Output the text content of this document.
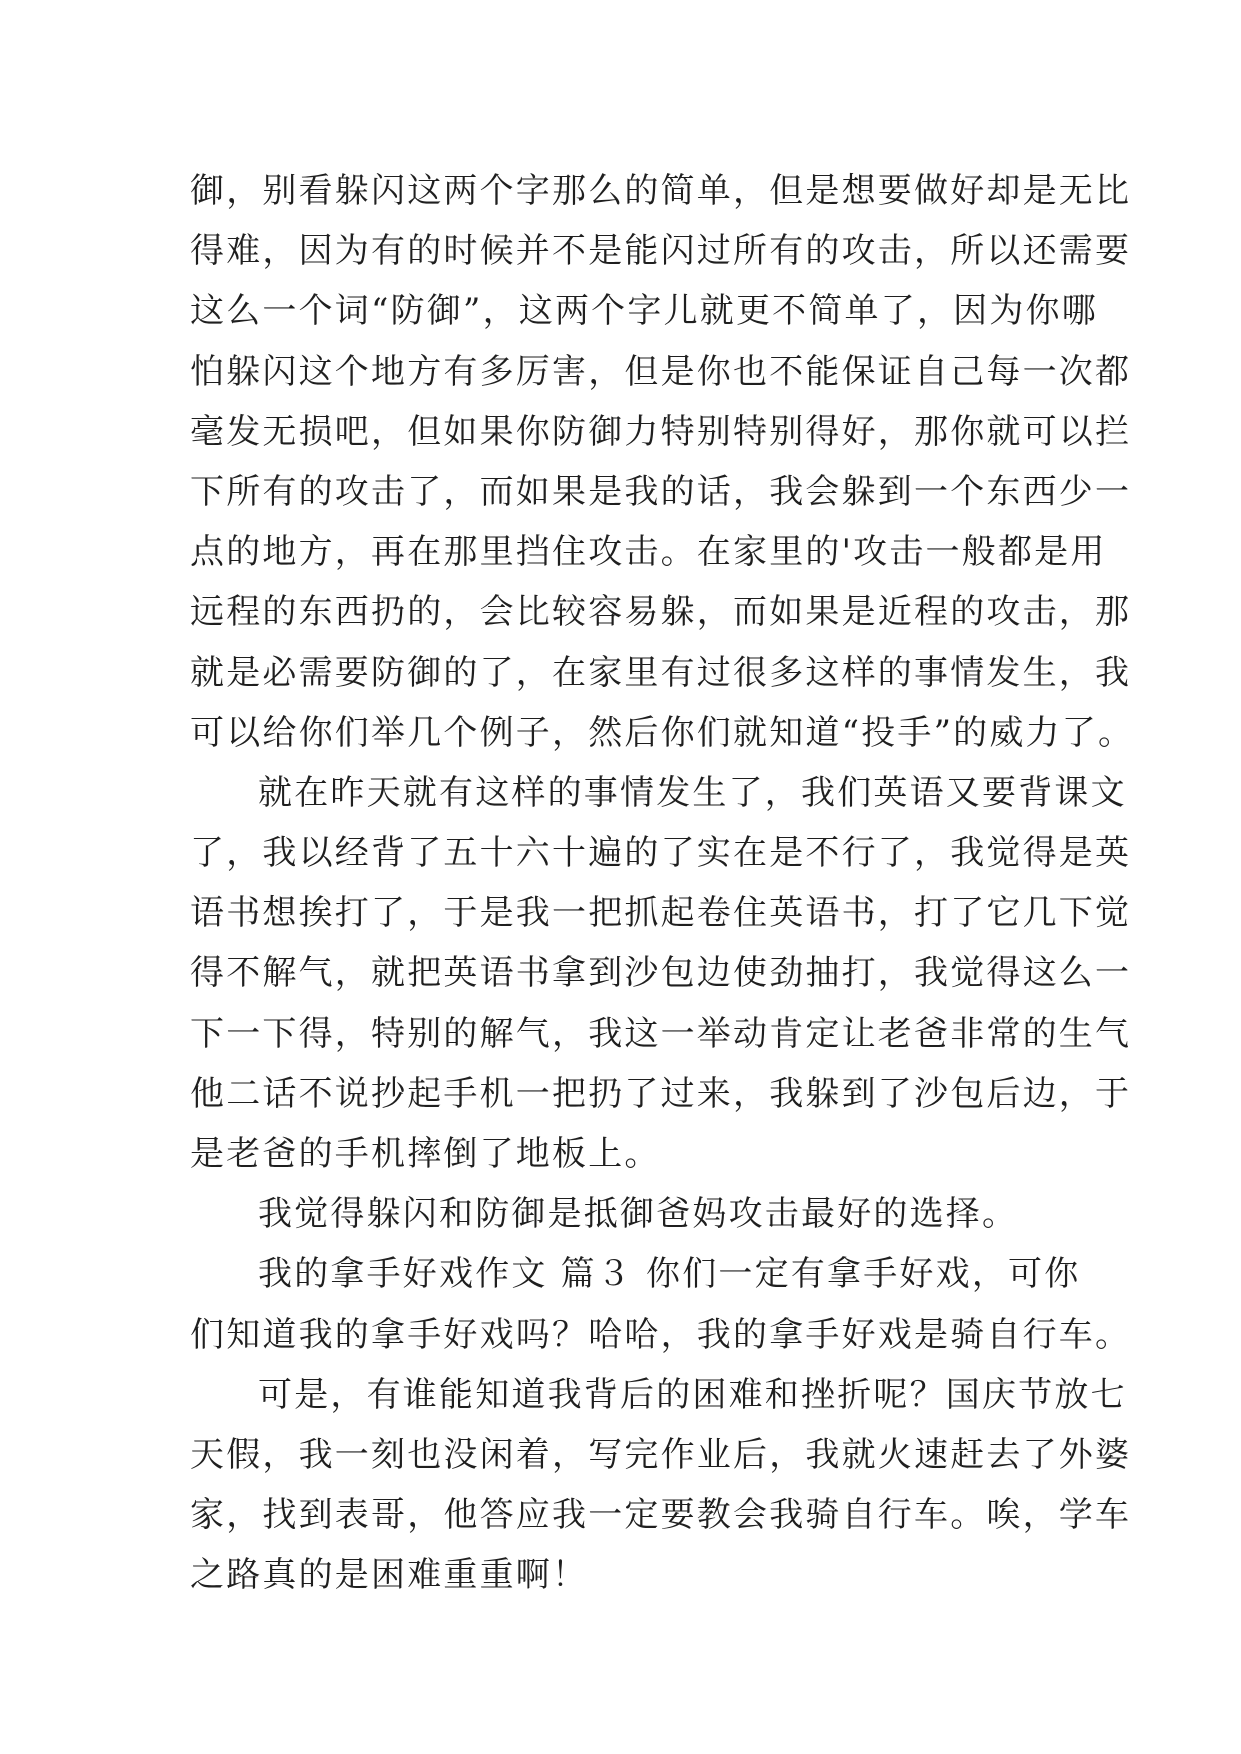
御，别看躲闪这两个字那么的简单，但是想要做好却是无比
得难，因为有的时候并不是能闪过所有的攻击，所以还需要
这么一个词“防御”，这两个字儿就更不简单了，因为你哪
怕躲闪这个地方有多厉害，但是你也不能保证自己每一次都
毫发无损吧，但如果你防御力特别特别得好，那你就可以拦
下所有的攻击了，而如果是我的话，我会躲到一个东西少一
点的地方，再在那里挡住攻击。在家里的'攻击一般都是用
远程的东西扔的，会比较容易躲，而如果是近程的攻击，那
就是必需要防御的了，在家里有过很多这样的事情发生，我
可以给你们举几个例子，然后你们就知道“投手”的威力了。
就在昨天就有这样的事情发生了，我们英语又要背课文
了，我以经背了五十六十遍的了实在是不行了，我觉得是英
语书想挨打了，于是我一把抓起卷住英语书，打了它几下觉
得不解气，就把英语书拿到沙包边使劲抽打，我觉得这么一
下一下得，特别的解气，我这一举动肯定让老爸非常的生气
他二话不说抄起手机一把扔了过来，我躲到了沙包后边，于
是老爸的手机摔倒了地板上。
我觉得躲闪和防御是抵御爸妈攻击最好的选择。
我的拿手好戏作文 篇３ 你们一定有拿手好戏，可你
们知道我的拿手好戏吗？哈哈，我的拿手好戏是骑自行车。
可是，有谁能知道我背后的困难和挫折呢？国庆节放七
天假，我一刻也没闲着，写完作业后，我就火速赶去了外婆
家，找到表哥，他答应我一定要教会我骑自行车。唉，学车
之路真的是困难重重啊！
